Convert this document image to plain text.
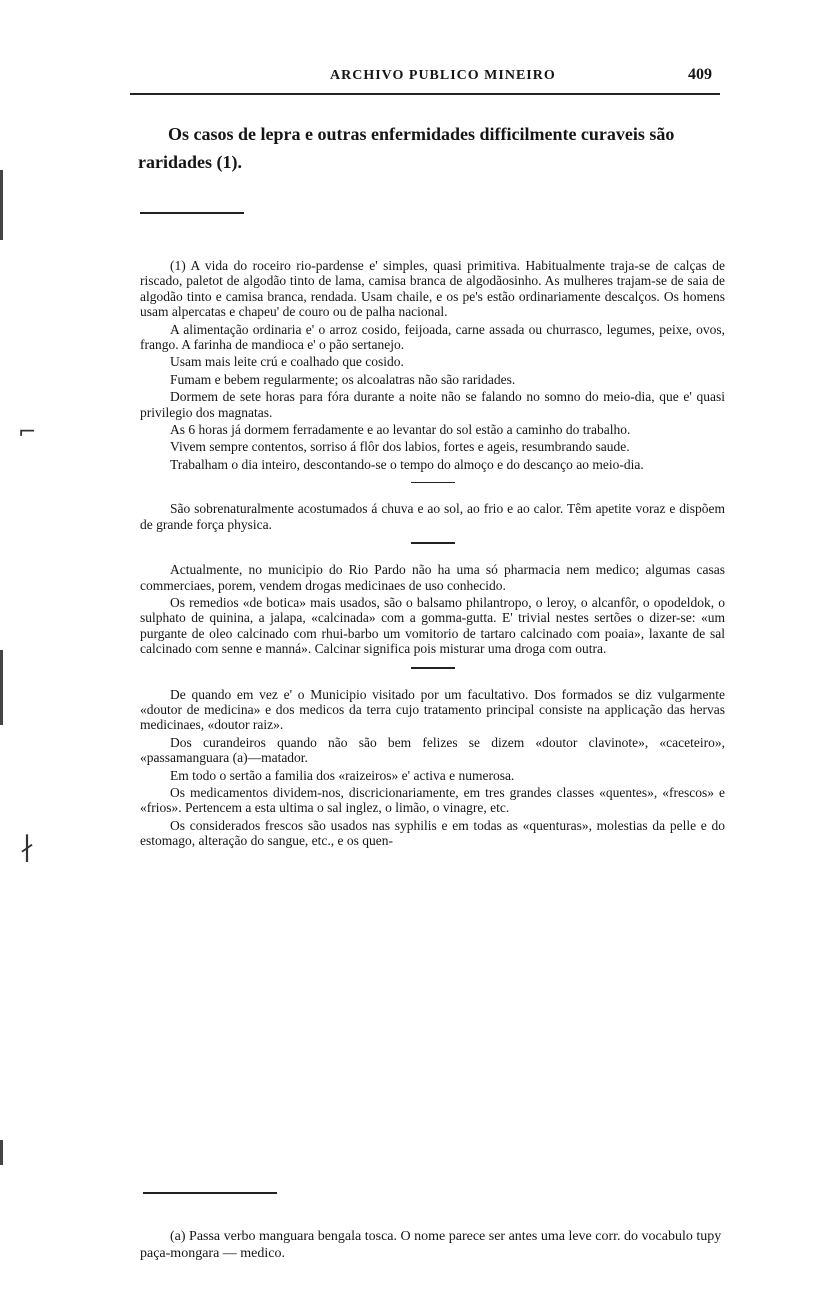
⌐
∤
ARCHIVO PUBLICO MINEIRO	409

Os casos de lepra e outras enfermidades difficilmente curaveis são raridades (1).

(1) A vida do roceiro rio-pardense e' simples, quasi primitiva. Habitualmente traja-se de calças de riscado, paletot de algodão tinto de lama, camisa branca de algodãosinho. As mulheres trajam-se de saia de algodão tinto e camisa branca, rendada. Usam chaile, e os pe's estão ordinariamente descalços. Os homens usam alpercatas e chapeu' de couro ou de palha nacional.

A alimentação ordinaria e' o arroz cosido, feijoada, carne assada ou churrasco, legumes, peixe, ovos, frango. A farinha de mandioca e' o pão sertanejo.

Usam mais leite crú e coalhado que cosido.

Fumam e bebem regularmente; os alcoalatras não são raridades.

Dormem de sete horas para fóra durante a noite não se falando no somno do meio-dia, que e' quasi privilegio dos magnatas.

As 6 horas já dormem ferradamente e ao levantar do sol estão a caminho do trabalho.

Vivem sempre contentos, sorriso á flôr dos labios, fortes e ageis, resumbrando saude.

Trabalham o dia inteiro, descontando-se o tempo do almoço e do descanço ao meio-dia.

São sobrenaturalmente acostumados á chuva e ao sol, ao frio e ao calor. Têm apetite voraz e dispõem de grande força physica.

Actualmente, no municipio do Rio Pardo não ha uma só pharmacia nem medico; algumas casas commerciaes, porem, vendem drogas medicinaes de uso conhecido.

Os remedios «de botica» mais usados, são o balsamo philantropo, o leroy, o alcanfôr, o opodeldok, o sulphato de quinina, a jalapa, «calcinada» com a gomma-gutta. E' trivial nestes sertões o dizer-se: «um purgante de oleo calcinado com rhui-barbo um vomitorio de tartaro calcinado com poaia», laxante de sal calcinado com senne e manná». Calcinar significa pois misturar uma droga com outra.

De quando em vez e' o Municipio visitado por um facultativo. Dos formados se diz vulgarmente «doutor de medicina» e dos medicos da terra cujo tratamento principal consiste na applicação das hervas medicinaes, «doutor raiz».

Dos curandeiros quando não são bem felizes se dizem «doutor clavinote», «caceteiro», «passamanguara (a)—matador.

Em todo o sertão a familia dos «raizeiros» e' activa e numerosa.

Os medicamentos dividem-nos, discricionariamente, em tres grandes classes «quentes», «frescos» e «frios». Pertencem a esta ultima o sal inglez, o limão, o vinagre, etc.

Os considerados frescos são usados nas syphilis e em todas as «quenturas», molestias da pelle e do estomago, alteração do sangue, etc., e os quen-

(a) Passa verbo manguara bengala tosca. O nome parece ser antes uma leve corr. do vocabulo tupy paça-mongara — medico.
